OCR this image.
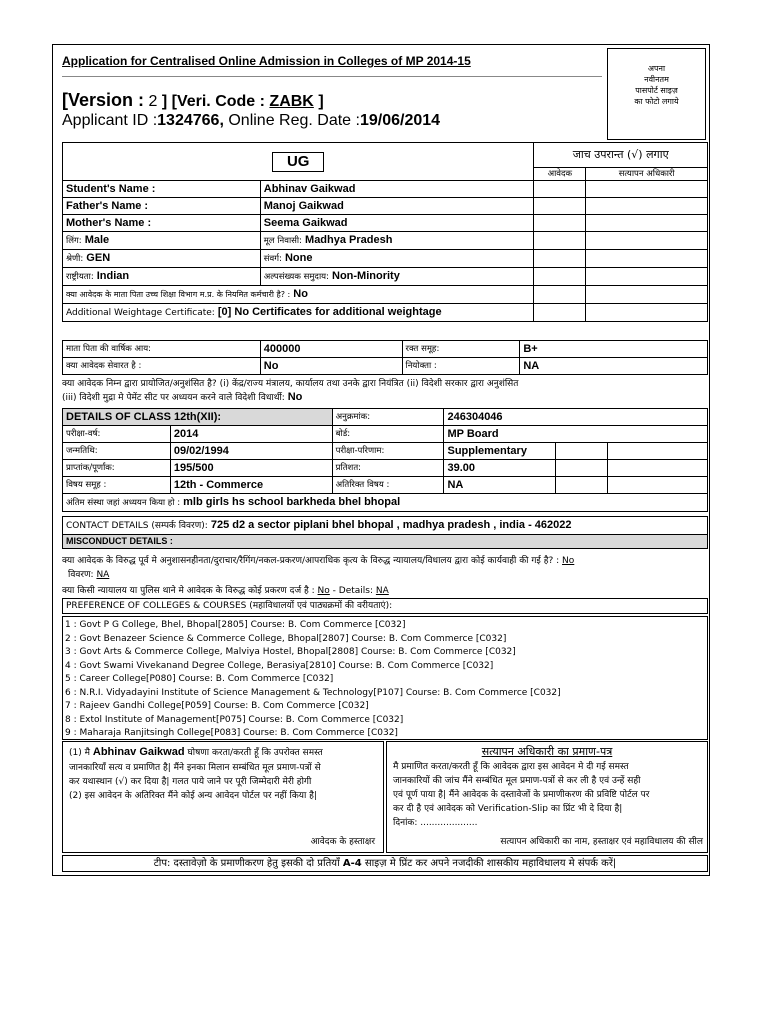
Application for Centralised Online Admission in Colleges of MP 2014-15
[Version : 2 ] [Veri. Code : ZABK ]
Applicant ID :1324766, Online Reg. Date :19/06/2014
अपना
नवीनतम
पासपोर्ट साइज़
का फोटो लगाये
UG		जाच उपरान्त (√) लगाए	
		आवेदक	सत्यापन अधिकारी
Student's Name :	Abhinav Gaikwad		
Father's Name :	Manoj Gaikwad		
Mother's Name :	Seema Gaikwad		
लिंग: Male	मूल निवासी: Madhya Pradesh		
श्रेणी: GEN	संवर्ग: None		
राष्ट्रीयता: Indian	अल्पसंख्यक समुदाय: Non-Minority		
क्या आवेदक के माता पिता उच्च शिक्षा विभाग म.प्र. के नियमित कर्मचारी है? : No			
Additional Weightage Certificate: [0] No Certificates for additional weightage			
माता पिता की वार्षिक आय:	400000	रक्त समूह:	B+
क्या आवेदक सेवारत है :	No	नियोक्ता :	NA
क्या आवेदक निम्न द्वारा प्रायोजित/अनुशंसित है? (i) केंद्र/राज्य मंत्रालय, कार्यालय तथा उनके द्वारा नियंत्रित (ii) विदेशी सरकार द्वारा अनुशंसित
(iii) विदेशी मुद्रा मे पेमेंट सीट पर अध्ययन करने वाले विदेशी विधार्थी: No
DETAILS OF CLASS 12th(XII):		अनुक्रमांक:	246304046		
परीक्षा-वर्ष:	2014	बोर्ड:	MP Board		
जन्मतिथि:	09/02/1994	परीक्षा-परिणाम:	Supplementary		
प्राप्तांक/पूर्णांक:	195/500	प्रतिशत:	39.00		
विषय समूह :	12th - Commerce	अतिरिक्त विषय :	NA		
अंतिम संस्था जहां अध्ययन किया हो : mlb girls hs school barkheda bhel bhopal					
CONTACT DETAILS (सम्पर्क विवरण): 725 d2 a sector piplani bhel bhopal , madhya pradesh , india - 462022
MISCONDUCT DETAILS :
क्या आवेदक के विरुद्ध पूर्व मे अनुशासनहीनता/दुराचार/रैगिंग/नकल-प्रकरण/आपराधिक कृत्य के विरुद्ध न्यायालय/विधालय द्वारा कोई कार्यवाही की गई है? : No
विवरण: NA
क्या किसी न्यायालय या पुलिस थाने मे आवेदक के विरुद्ध कोई प्रकरण दर्ज है : No - Details: NA
PREFERENCE OF COLLEGES & COURSES (महाविधालयों एवं पाठ्यक्रमों की वरीयताएं):
1 : Govt P G College, Bhel, Bhopal[2805] Course: B. Com Commerce [C032]
2 : Govt Benazeer Science & Commerce College, Bhopal[2807] Course: B. Com Commerce [C032]
3 : Govt Arts & Commerce College, Malviya Hostel, Bhopal[2808] Course: B. Com Commerce [C032]
4 : Govt Swami Vivekanand Degree College, Berasiya[2810] Course: B. Com Commerce [C032]
5 : Career College[P080] Course: B. Com Commerce [C032]
6 : N.R.I. Vidyadayini Institute of Science Management & Technology[P107] Course: B. Com Commerce [C032]
7 : Rajeev Gandhi College[P059] Course: B. Com Commerce [C032]
8 : Extol Institute of Management[P075] Course: B. Com Commerce [C032]
9 : Maharaja Ranjitsingh College[P083] Course: B. Com Commerce [C032]
(1) मै Abhinav Gaikwad घोषणा करता/करती हूँ कि उपरोक्त समस्त
जानकारियाँ सत्य व प्रमाणित है| मैंने इनका मिलान सम्बंधित मूल प्रमाण-पत्रों से
कर यथास्थान (√) कर दिया है| गलत पाये जाने पर पूरी जिम्मेदारी मेरी होगी
(2) इस आवेदन के अतिरिक्त मैंने कोई अन्य आवेदन पोर्टल पर नहीं किया है|
आवेदक के हस्ताक्षर
सत्यापन अधिकारी का प्रमाण-पत्र
मै प्रमाणित करता/करती हूँ कि आवेदक द्वारा इस आवेदन मे दी गई समस्त
जानकारियों की जांच मैंने सम्बंधित मूल प्रमाण-पत्रों से कर ली है एवं उन्हें सही
एवं पूर्ण पाया है| मैंने आवेदक के दस्तावेजों के प्रमाणीकरण की प्रविष्टि पोर्टल पर
कर दी है एवं आवेदक को Verification-Slip का प्रिंट भी दे दिया है|
दिनांक: ....................
सत्यापन अधिकारी का नाम, हस्ताक्षर एवं महाविधालय की सील
टीप: दस्तावेज़ो के प्रमाणीकरण हेतु इसकी दो प्रतियाँ A-4 साइज़ मे प्रिंट कर अपने नजदीकी शासकीय महाविधालय मे संपर्क करें|
